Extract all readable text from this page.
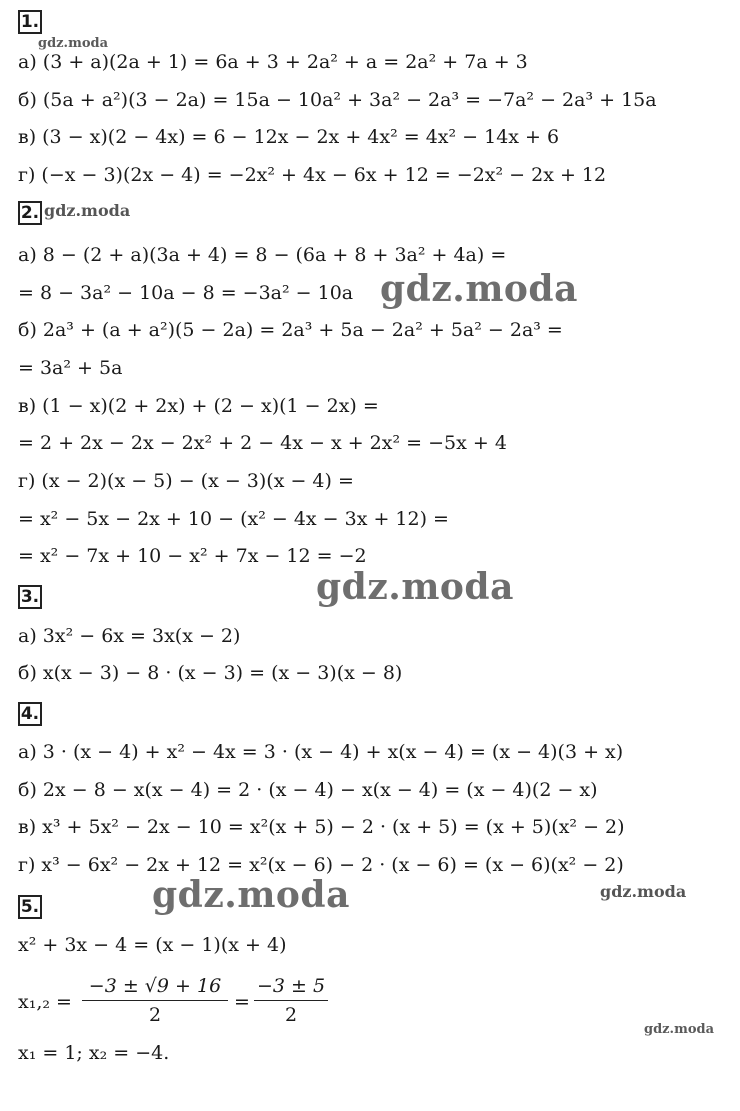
1.
gdz.moda
а) (3 + a)(2a + 1) = 6a + 3 + 2a² + a = 2a² + 7a + 3
б) (5a + a²)(3 − 2a) = 15a − 10a² + 3a² − 2a³ = −7a² − 2a³ + 15a
в) (3 − x)(2 − 4x) = 6 − 12x − 2x + 4x² = 4x² − 14x + 6
г) (−x − 3)(2x − 4) = −2x² + 4x − 6x + 12 = −2x² − 2x + 12
2. gdz.moda
а) 8 − (2 + a)(3a + 4) = 8 − (6a + 8 + 3a² + 4a) =
= 8 − 3a² − 10a − 8 = −3a² − 10a gdz.moda
б) 2a³ + (a + a²)(5 − 2a) = 2a³ + 5a − 2a² + 5a² − 2a³ =
= 3a² + 5a
в) (1 − x)(2 + 2x) + (2 − x)(1 − 2x) =
= 2 + 2x − 2x − 2x² + 2 − 4x − x + 2x² = −5x + 4
г) (x − 2)(x − 5) − (x − 3)(x − 4) =
= x² − 5x − 2x + 10 − (x² − 4x − 3x + 12) =
= x² − 7x + 10 − x² + 7x − 12 = −2
3.	gdz.moda
а) 3x² − 6x = 3x(x − 2)
б) x(x − 3) − 8 · (x − 3) = (x − 3)(x − 8)
4.
а) 3 · (x − 4) + x² − 4x = 3 · (x − 4) + x(x − 4) = (x − 4)(3 + x)
б) 2x − 8 − x(x − 4) = 2 · (x − 4) − x(x − 4) = (x − 4)(2 − x)
в) x³ + 5x² − 2x − 10 = x²(x + 5) − 2 · (x + 5) = (x + 5)(x² − 2)
г) x³ − 6x² − 2x + 12 = x²(x − 6) − 2 · (x − 6) = (x − 6)(x² − 2)
gdz.moda	gdz.moda
5.
x² + 3x − 4 = (x − 1)(x + 4)
x₁,₂ =
−3 ± √9 + 16
2
=
−3 ± 5
2
gdz.moda
x₁ = 1; x₂ = −4.
